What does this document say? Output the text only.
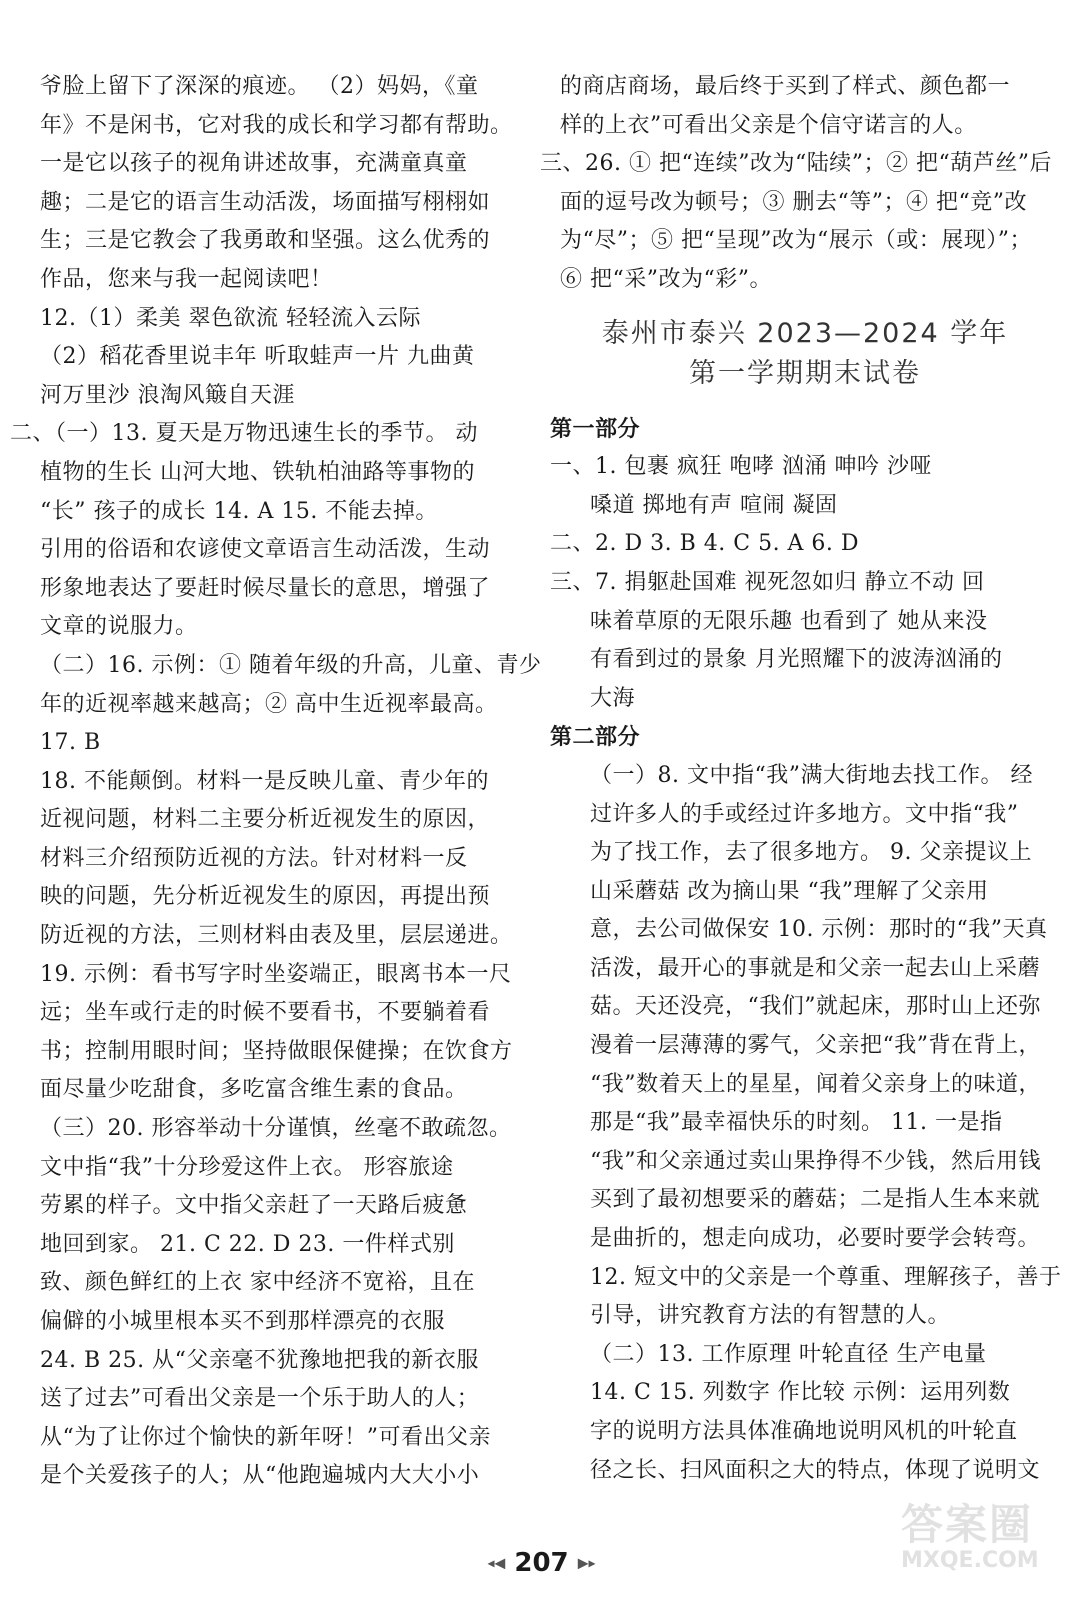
爷脸上留下了深深的痕迹。 （2）妈妈，《童
年》不是闲书，它对我的成长和学习都有帮助。
一是它以孩子的视角讲述故事，充满童真童
趣；二是它的语言生动活泼，场面描写栩栩如
生；三是它教会了我勇敢和坚强。这么优秀的
作品，您来与我一起阅读吧！
12.（1）柔美 翠色欲流 轻轻流入云际
（2）稻花香里说丰年 听取蛙声一片 九曲黄
河万里沙 浪淘风簸自天涯
二、（一）13. 夏天是万物迅速生长的季节。 动
植物的生长 山河大地、铁轨柏油路等事物的
“长” 孩子的成长 14. A 15. 不能去掉。
引用的俗语和农谚使文章语言生动活泼，生动
形象地表达了要赶时候尽量长的意思，增强了
文章的说服力。
（二）16. 示例：① 随着年级的升高，儿童、青少
年的近视率越来越高；② 高中生近视率最高。
17. B
18. 不能颠倒。材料一是反映儿童、青少年的
近视问题，材料二主要分析近视发生的原因，
材料三介绍预防近视的方法。针对材料一反
映的问题，先分析近视发生的原因，再提出预
防近视的方法，三则材料由表及里，层层递进。
19. 示例：看书写字时坐姿端正，眼离书本一尺
远；坐车或行走的时候不要看书，不要躺着看
书；控制用眼时间；坚持做眼保健操；在饮食方
面尽量少吃甜食，多吃富含维生素的食品。
（三）20. 形容举动十分谨慎，丝毫不敢疏忽。
文中指“我”十分珍爱这件上衣。 形容旅途
劳累的样子。文中指父亲赶了一天路后疲惫
地回到家。 21. C 22. D 23. 一件样式别
致、颜色鲜红的上衣 家中经济不宽裕，且在
偏僻的小城里根本买不到那样漂亮的衣服
24. B 25. 从“父亲毫不犹豫地把我的新衣服
送了过去”可看出父亲是一个乐于助人的人；
从“为了让你过个愉快的新年呀！”可看出父亲
是个关爱孩子的人；从“他跑遍城内大大小小
的商店商场，最后终于买到了样式、颜色都一
样的上衣”可看出父亲是个信守诺言的人。
三、26. ① 把“连续”改为“陆续”；② 把“葫芦丝”后
面的逗号改为顿号；③ 删去“等”；④ 把“竞”改
为“尽”；⑤ 把“呈现”改为“展示（或：展现）”；
⑥ 把“采”改为“彩”。
泰州市泰兴 2023—2024 学年
第一学期期末试卷
第一部分
一、1. 包裹 疯狂 咆哮 汹涌 呻吟 沙哑
嗓道 掷地有声 喧闹 凝固
二、2. D 3. B 4. C 5. A 6. D
三、7. 捐躯赴国难 视死忽如归 静立不动 回
味着草原的无限乐趣 也看到了 她从来没
有看到过的景象 月光照耀下的波涛汹涌的
大海
第二部分
（一）8. 文中指“我”满大街地去找工作。 经
过许多人的手或经过许多地方。文中指“我”
为了找工作，去了很多地方。 9. 父亲提议上
山采蘑菇 改为摘山果 “我”理解了父亲用
意，去公司做保安 10. 示例：那时的“我”天真
活泼，最开心的事就是和父亲一起去山上采蘑
菇。天还没亮，“我们”就起床，那时山上还弥
漫着一层薄薄的雾气，父亲把“我”背在背上，
“我”数着天上的星星，闻着父亲身上的味道，
那是“我”最幸福快乐的时刻。 11. 一是指
“我”和父亲通过卖山果挣得不少钱，然后用钱
买到了最初想要采的蘑菇；二是指人生本来就
是曲折的，想走向成功，必要时要学会转弯。
12. 短文中的父亲是一个尊重、理解孩子，善于
引导，讲究教育方法的有智慧的人。
（二）13. 工作原理 叶轮直径 生产电量
14. C 15. 列数字 作比较 示例：运用列数
字的说明方法具体准确地说明风机的叶轮直
径之长、扫风面积之大的特点，体现了说明文
◂◀ 207 ▶▸
答案圈
MXQE.COM
